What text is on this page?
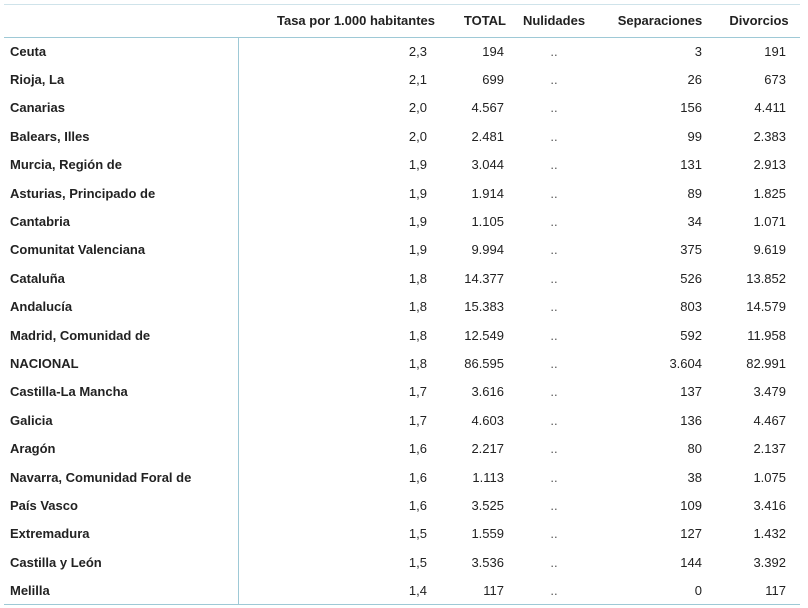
	Tasa por 1.000 habitantes	TOTAL	Nulidades	Separaciones	Divorcios
Ceuta	2,3	194	..	3	191
Rioja, La	2,1	699	..	26	673
Canarias	2,0	4.567	..	156	4.411
Balears, Illes	2,0	2.481	..	99	2.383
Murcia, Región de	1,9	3.044	..	131	2.913
Asturias, Principado de	1,9	1.914	..	89	1.825
Cantabria	1,9	1.105	..	34	1.071
Comunitat Valenciana	1,9	9.994	..	375	9.619
Cataluña	1,8	14.377	..	526	13.852
Andalucía	1,8	15.383	..	803	14.579
Madrid, Comunidad de	1,8	12.549	..	592	11.958
NACIONAL	1,8	86.595	..	3.604	82.991
Castilla-La Mancha	1,7	3.616	..	137	3.479
Galicia	1,7	4.603	..	136	4.467
Aragón	1,6	2.217	..	80	2.137
Navarra, Comunidad Foral de	1,6	1.113	..	38	1.075
País Vasco	1,6	3.525	..	109	3.416
Extremadura	1,5	1.559	..	127	1.432
Castilla y León	1,5	3.536	..	144	3.392
Melilla	1,4	117	..	0	117
